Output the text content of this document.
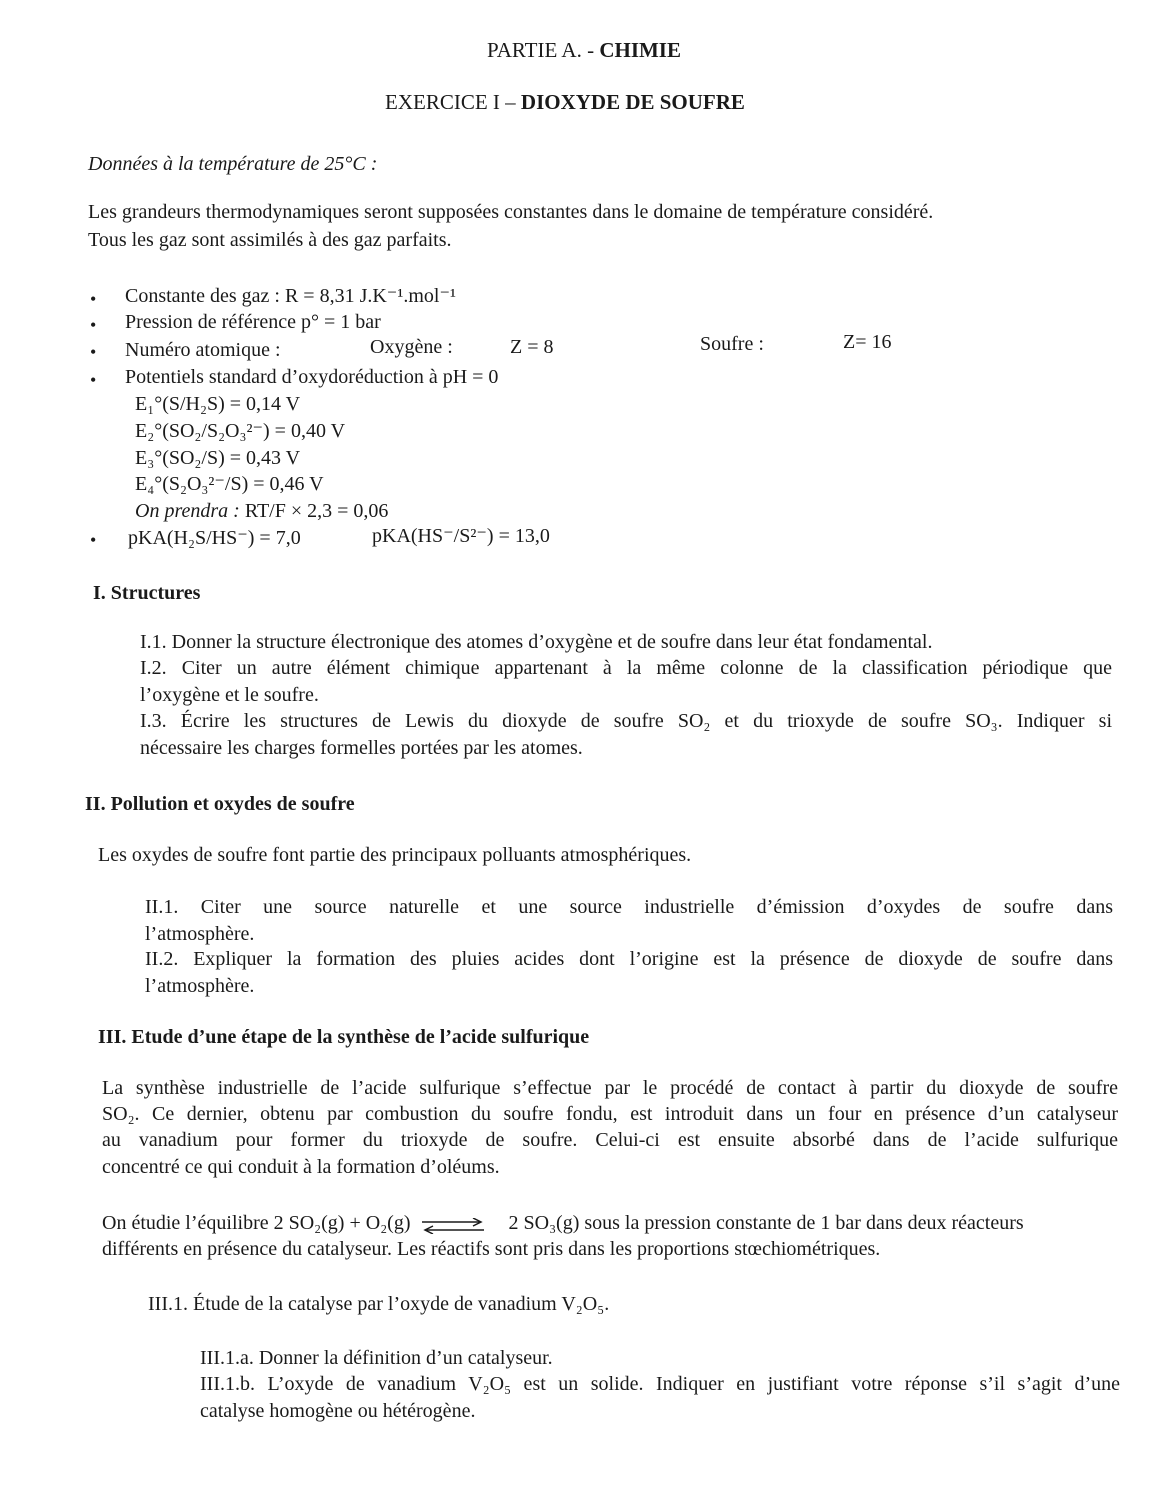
PARTIE A. - CHIMIE
EXERCICE I – DIOXYDE DE SOUFRE
Données à la température de 25°C :
Les grandeurs thermodynamiques seront supposées constantes dans le domaine de température considéré.
Tous les gaz sont assimilés à des gaz parfaits.
• Constante des gaz : R = 8,31 J.K⁻¹.mol⁻¹
• Pression de référence p° = 1 bar
• Numéro atomique :	Oxygène :	Z = 8	Soufre :	Z= 16
• Potentiels standard d’oxydoréduction à pH = 0
E₁°(S/H₂S) = 0,14 V
E₂°(SO₂/S₂O₃²⁻) = 0,40 V
E₃°(SO₂/S) = 0,43 V
E₄°(S₂O₃²⁻/S) = 0,46 V
On prendra : RT/F × 2,3 = 0,06
• pKA(H₂S/HS⁻) = 7,0	pKA(HS⁻/S²⁻) = 13,0
I. Structures
I.1. Donner la structure électronique des atomes d’oxygène et de soufre dans leur état fondamental.
I.2. Citer un autre élément chimique appartenant à la même colonne de la classification périodique que
l’oxygène et le soufre.
I.3. Écrire les structures de Lewis du dioxyde de soufre SO₂ et du trioxyde de soufre SO₃. Indiquer si
nécessaire les charges formelles portées par les atomes.
II. Pollution et oxydes de soufre
Les oxydes de soufre font partie des principaux polluants atmosphériques.
II.1. Citer une source naturelle et une source industrielle d’émission d’oxydes de soufre dans
l’atmosphère.
II.2. Expliquer la formation des pluies acides dont l’origine est la présence de dioxyde de soufre dans
l’atmosphère.
III. Etude d’une étape de la synthèse de l’acide sulfurique
La synthèse industrielle de l’acide sulfurique s’effectue par le procédé de contact à partir du dioxyde de soufre
SO₂. Ce dernier, obtenu par combustion du soufre fondu, est introduit dans un four en présence d’un catalyseur
au vanadium pour former du trioxyde de soufre. Celui-ci est ensuite absorbé dans de l’acide sulfurique
concentré ce qui conduit à la formation d’oléums.
On étudie l’équilibre 2 SO₂(g) + O₂(g) ⇌ 2 SO₃(g) sous la pression constante de 1 bar dans deux réacteurs
différents en présence du catalyseur. Les réactifs sont pris dans les proportions stœchiométriques.
III.1. Étude de la catalyse par l’oxyde de vanadium V₂O₅.
III.1.a. Donner la définition d’un catalyseur.
III.1.b. L’oxyde de vanadium V₂O₅ est un solide. Indiquer en justifiant votre réponse s’il s’agit d’une
catalyse homogène ou hétérogène.
